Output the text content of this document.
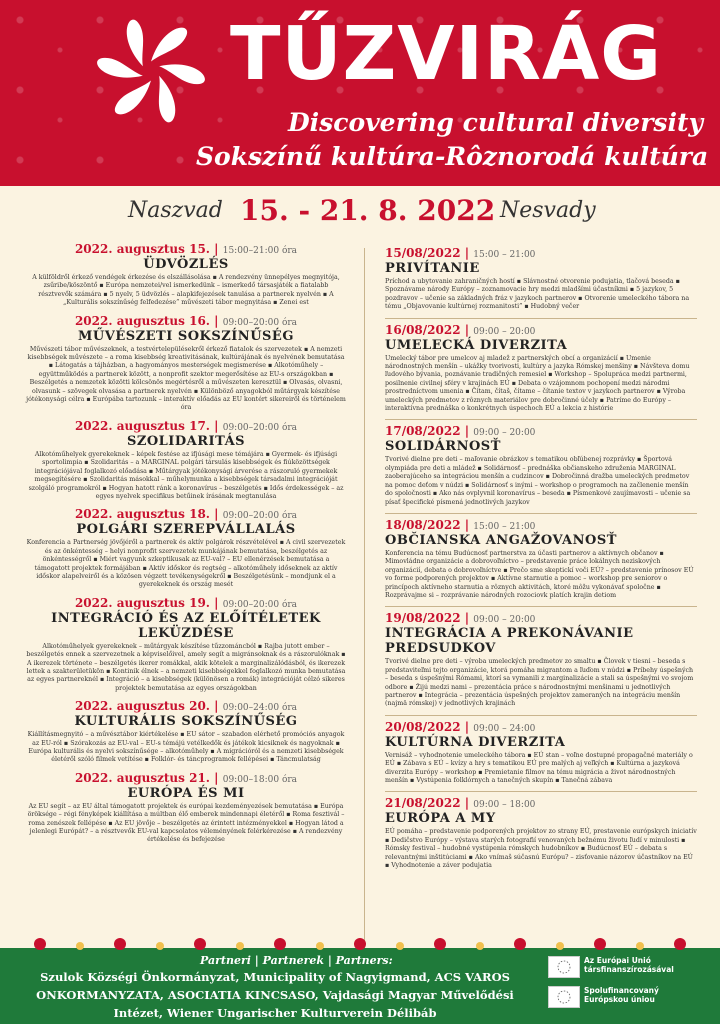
TŰZVIRÁG
Discovering cultural diversity
Sokszínű kultúra-Rôznorodá kultúra
Naszvad 15. - 21. 8. 2022 Nesvady
2022. augusztus 15. | 15:00–21:00 óra
ÜDVÖZLÉS
A külföldről érkező vendégek érkezése és elszállásolása ▪ A rendezvény ünnepélyes megnyitója, zsűribe/köszöntő ▪ Európa nemzetei/vel ismerkedünk – ismerkedő társasjáték a fiatalabb résztvevők számára ▪ 5 nyelv, 5 üdvözlés – alapkifejezések tanulása a partnerek nyelvén ▪ A „Kulturális sokszínűség felfedezése” művészeti tábor megnyitása ▪ Zenei est
2022. augusztus 16. | 09:00–20:00 óra
MŰVÉSZETI SOKSZÍNŰSÉG
Művészeti tábor művészeknek, a testvértelepülésekről érkező fiatalok és szervezetek ▪ A nemzeti kisebbségek művészete – a roma kisebbség kreativitásának, kultúrájának és nyelvének bemutatása ▪ Látogatás a tájházban, a hagyományos mesterségek megismerése ▪ Alkotóműhely – együttműködés a partnerek között, a nonprofit szektor megerősítése az EU-s országokban ▪ Beszélgetés a nemzetek közötti kölcsönös megértésről a művészeten keresztül ▪ Olvasás, olvasni, olvasunk – szövegek olvasása a partnerek nyelvén ▪ Különböző anyagokból műtárgyak készítése jótékonysági célra ▪ Európába tartozunk – interaktív előadás az EU kontért sikereiről és történelem óra
2022. augusztus 17. | 09:00–20:00 óra
SZOLIDARITÁS
Alkotóműhelyek gyerekeknek – képek festése az ifjúsági mese témájára ▪ Gyermek- és ifjúsági sportolimpia ▪ Szolidaritás – a MARGINAL polgári társulás kisebbségek és fiúközöttségek integrációjával foglalkozó előadása ▪ Műtárgyak jótékonysági árverése a rászoruló gyermekek megsegítésére ▪ Szolidaritás másokkal – műhelymunka a kisebbségek társadalmi integrációját szolgáló programokról ▪ Hogyan hatott ránk a koronavírus – beszélgetés ▪ Idős érdekességek – az egyes nyelvek specifikus betűinek írásának megtanulása
2022. augusztus 18. | 09:00–20:00 óra
POLGÁRI SZEREPVÁLLALÁS
Konferencia a Partnerség jövőjéről a partnerek és aktív polgárok részvételével ▪ A civil szervezetek és az önkéntesség – helyi nonprofit szervezetek munkájának bemutatása, beszélgetés az önkéntességről ▪ Miért vagyunk szkeptikusak az EU-val? – EU ellenérzések bemutatása a támogatott projektek formájában ▪ Aktív időskor és regtség – alkotóműhely időseknek az aktív időskor alapelveiről és a közösen végzett tevékenységekről ▪ Beszélgetésünk – mondjunk el a gyerekeknek és ország mesét
2022. augusztus 19. | 09:00–20:00 óra
INTEGRÁCIÓ ÉS AZ ELŐÍTÉLETEK LEKÜZDÉSE
Alkotóműhelyek gyerekeknek – műtárgyak készítése tűzzománcból ▪ Rajba jutott ember – beszélgetés ennek a szervezetnek a képviselőivel, amely segít a migránsoknak és a rászorulóknak ▪ A ikerezek története – beszélgetés ikerer romákkal, akik kötelek a marginalizálódásból, és ikerezek lettek a szakterületükön ▪ Kontinik élnek – a nemzeti kisebbségekkel foglalkozó munka bemutatása az egyes partnereknél ▪ Integráció – a kisebbségek (különösen a romák) integrációját célzó sikeres projektek bemutatása az egyes országokban
2022. augusztus 20. | 09:00–24:00 óra
KULTURÁLIS SOKSZÍNŰSÉG
Kiállításmegnyitó – a művésztábor kiértékelése ▪ EU sátor – szabadon elérhető promóciós anyagok az EU-ról ▪ Szórakozás az EU-val – EU-s témájú vetélkedők és játékok kicsiknek és nagyoknak ▪ Európa kulturális és nyelvi sokszínűsége – alkotóműhely ▪ A migrációról és a nemzeti kisebbségek életéről szóló filmek vetítése ▪ Folklór- és táncprogramok fellépései ▪ Táncmulatság
2022. augusztus 21. | 09:00–18:00 óra
EURÓPA ÉS MI
Az EU segít – az EU által támogatott projektek és európai kezdeményezések bemutatása ▪ Európa öröksége – régi fényképek kiállítása a múltban élő emberek mindennapi életéről ▪ Roma fesztivál – roma zenészek fellépése ▪ Az EU jövője – beszélgetés az érintett intézményekkel ▪ Hogyan látod a jelenlegi Európát? – a résztvevők EU-val kapcsolatos véleményének felérkérezése ▪ A rendezvény értékelése és befejezése
15/08/2022 | 15:00 – 21:00
PRIVÍTANIE
Príchod a ubytovanie zahraničných hostí ▪ Slávnostné otvorenie podujatia, tlačová beseda ▪ Spoznávame národy Európy – zoznamovacie hry medzi mladšími účastníkmi ▪ 5 jazykov, 5 pozdravov – učenie sa základných fráz v jazykoch partnerov ▪ Otvorenie umeleckého tábora na tému „Objavovanie kultúrnej rozmanitosti” ▪ Hudobný večer
16/08/2022 | 09:00 – 20:00
UMELECKÁ DIVERZITA
Umelecký tábor pre umelcov aj mladež z partnerských obcí a organizácií ▪ Umenie národnostných menšín – ukážky tvorivosti, kultúry a jazyka Rómskej menšiny ▪ Návšteva domu ľudového bývania, poznávanie tradičných remesiel ▪ Workshop – Spolupráca medzi partnermi, posilnenie civilnej sféry v krajinách EÚ ▪ Debata o vzájomnom pochopení medzi národmi prostredníctvom umenia ▪ Čítam, čítaš, čítame – čítanie textov v jazykoch partnerov ▪ Výroba umeleckých predmetov z rôznych materiálov pre dobročinné účely ▪ Patríme do Európy – interaktívna prednáška o konkrétnych úspechoch EÚ a lekcia z histórie
17/08/2022 | 09:00 – 20:00
SOLIDÁRNOSŤ
Tvorivé dielne pre deti – maľovanie obrázkov s tematikou obľúbenej rozprávky ▪ Športová olympiáda pre deti a mládež ▪ Solidárnosť – prednáška občianskeho združenia MARGINAL zaoberajúceho sa integráciou menšín a cudzincov ▪ Dobročinná dražba umeleckých predmetov na pomoc deťom v núdzi ▪ Solidárnosť s inými – workshop o programoch na začlenenie menšín do spoločnosti ▪ Ako nás ovplyvnil koronavírus – beseda ▪ Písmenkové zaujímavosti – učenie sa písať špecifické písmená jednotlivých jazykov
18/08/2022 | 15:00 – 21:00
OBČIANSKA ANGAŽOVANOSŤ
Konferencia na tému Budúcnosť partnerstva za účasti partnerov a aktívnych občanov ▪ Mimovládne organizácie a dobrovoľníctvo – predstavenie práce lokálnych neziskových organizácií, debata o dobrovoľníctve ▪ Prečo sme skeptickí voči EÚ? – predstavenie prínosov EÚ vo forme podporených projektov ▪ Aktívne starnutie a pomoc – workshop pre seniorov o princípoch aktívneho starnutia a rôznych aktivitách, ktoré môžu vykonávať spoločne ▪ Rozprávajme si – rozprávanie národných rozociovk platích krajin detiom
19/08/2022 | 09:00 – 20:00
INTEGRÁCIA A PREKONÁVANIE PREDSUDKOV
Tvorivé dielne pre deti – výroba umeleckých predmetov zo smaltu ▪ Človek v tiesni – beseda s predstaviteľmi tejto organizácie, ktorá pomáha migrantom a ľuďom v núdzi ▪ Príbehy úspešných – beseda s úspešnými Rómami, ktorí sa vymanili z marginalizácie a stali sa úspešnými vo svojom odbore ▪ Žijú medzi nami – prezentácia práce s národnostnými menšinami u jednotlivých partnerov ▪ Integrácia – prezentácia úspešných projektov zameraných na integráciu menšín (najmä rómskej) v jednotlivých krajinách
20/08/2022 | 09:00 – 24:00
KULTÚRNA DIVERZITA
Vernisáž – vyhodnotenie umeleckého tábora ▪ EÚ stan – voľne dostupné propagačné materiály o EÚ ▪ Zábava s EÚ – kvízy a hry s tematikou EÚ pre malých aj veľkých ▪ Kultúrna a jazyková diverzita Európy – workshop ▪ Premietanie filmov na tému migrácia a život národnostných menšín ▪ Vystúpenia folklórnych a tanečných skupín ▪ Tanečná zábava
21/08/2022 | 09:00 – 18:00
EURÓPA A MY
EÚ pomáha – predstavenie podporených projektov zo strany EÚ, prestavenie európskych iniciatív ▪ Dedičstvo Európy – výstava starých fotografií venovaných bežnému životu ľudí v minulosti ▪ Rómsky festival – hudobné vystúpenia rómskych hudobníkov ▪ Budúcnosť EÚ – debata s relevantnými inštitúciami ▪ Ako vnímaš súčasnú Európu? – zisťovanie názorov účastníkov na EÚ ▪ Vyhodnotenie a záver podujatia
Partneri | Partnerek | Partners:
Szulok Községi Önkormányzat, Municipality of Nagyigmand, ACS VAROS ONKORMANYZATA, ASOCIATIA KINCSASO, Vajdasági Magyar Művelődési Intézet, Wiener Ungarischer Kulturverein Délibáb
Az Európai Unió társfinanszírozásával
Spolufinancovaný Európskou úniou
